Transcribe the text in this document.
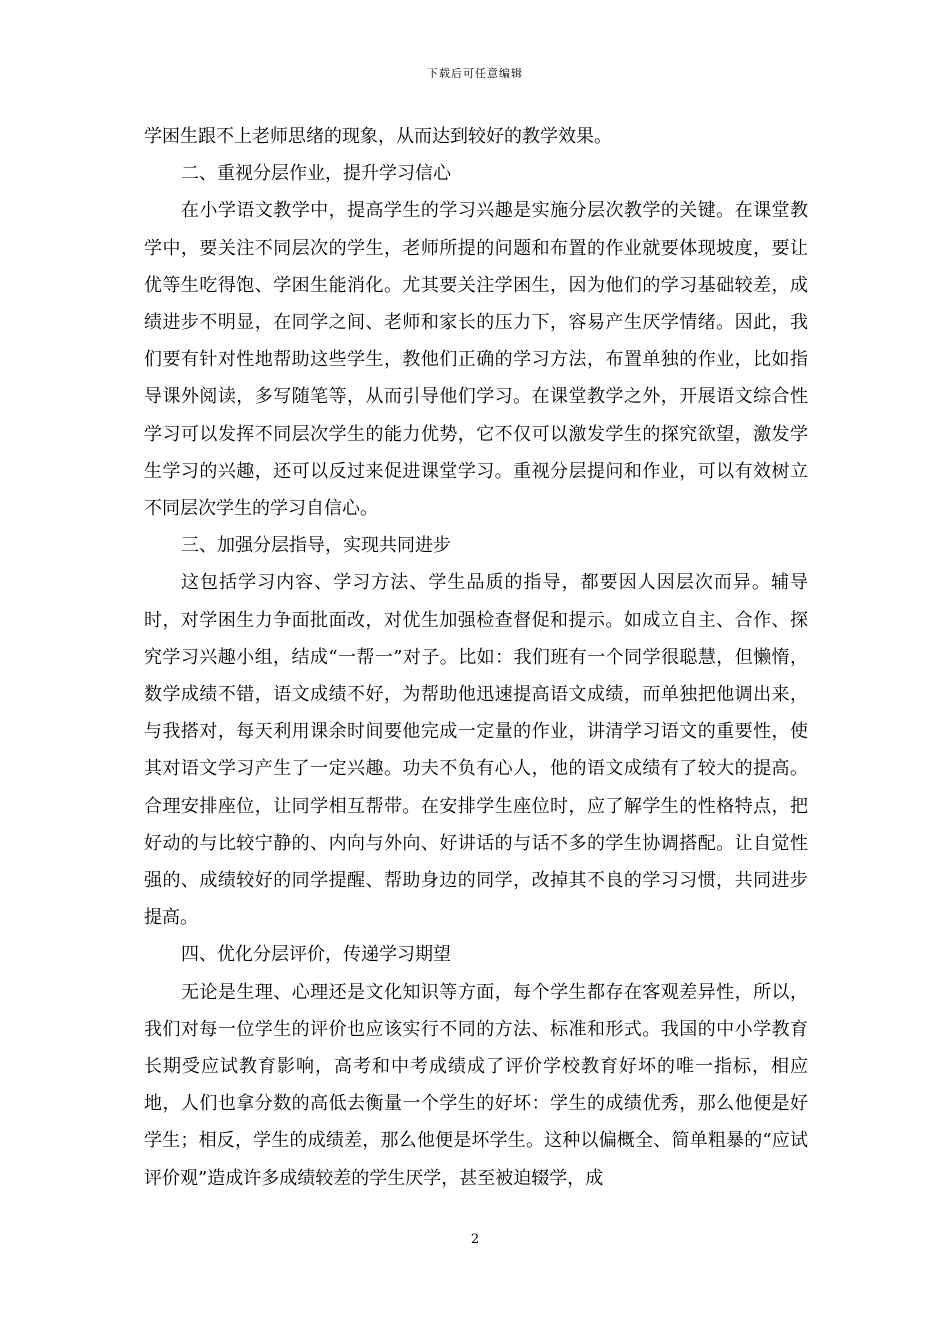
下载后可任意编辑

学困生跟不上老师思绪的现象，从而达到较好的教学效果。

二、重视分层作业，提升学习信心

在小学语文教学中，提高学生的学习兴趣是实施分层次教学的关键。在课堂教学中，要关注不同层次的学生，老师所提的问题和布置的作业就要体现坡度，要让优等生吃得饱、学困生能消化。尤其要关注学困生，因为他们的学习基础较差，成绩进步不明显，在同学之间、老师和家长的压力下，容易产生厌学情绪。因此，我们要有针对性地帮助这些学生，教他们正确的学习方法，布置单独的作业，比如指导课外阅读，多写随笔等，从而引导他们学习。在课堂教学之外，开展语文综合性学习可以发挥不同层次学生的能力优势，它不仅可以激发学生的探究欲望，激发学生学习的兴趣，还可以反过来促进课堂学习。重视分层提问和作业，可以有效树立不同层次学生的学习自信心。

三、加强分层指导，实现共同进步

这包括学习内容、学习方法、学生品质的指导，都要因人因层次而异。辅导时，对学困生力争面批面改，对优生加强检查督促和提示。如成立自主、合作、探究学习兴趣小组，结成“一帮一”对子。比如：我们班有一个同学很聪慧，但懒惰，数学成绩不错，语文成绩不好，为帮助他迅速提高语文成绩，而单独把他调出来，与我搭对，每天利用课余时间要他完成一定量的作业，讲清学习语文的重要性，使其对语文学习产生了一定兴趣。功夫不负有心人，他的语文成绩有了较大的提高。合理安排座位，让同学相互帮带。在安排学生座位时，应了解学生的性格特点，把好动的与比较宁静的、内向与外向、好讲话的与话不多的学生协调搭配。让自觉性强的、成绩较好的同学提醒、帮助身边的同学，改掉其不良的学习习惯，共同进步提高。

四、优化分层评价，传递学习期望

无论是生理、心理还是文化知识等方面，每个学生都存在客观差异性，所以，我们对每一位学生的评价也应该实行不同的方法、标准和形式。我国的中小学教育长期受应试教育影响，高考和中考成绩成了评价学校教育好坏的唯一指标，相应地，人们也拿分数的高低去衡量一个学生的好坏：学生的成绩优秀，那么他便是好学生；相反，学生的成绩差，那么他便是坏学生。这种以偏概全、简单粗暴的“应试评价观”造成许多成绩较差的学生厌学，甚至被迫辍学，成

2
